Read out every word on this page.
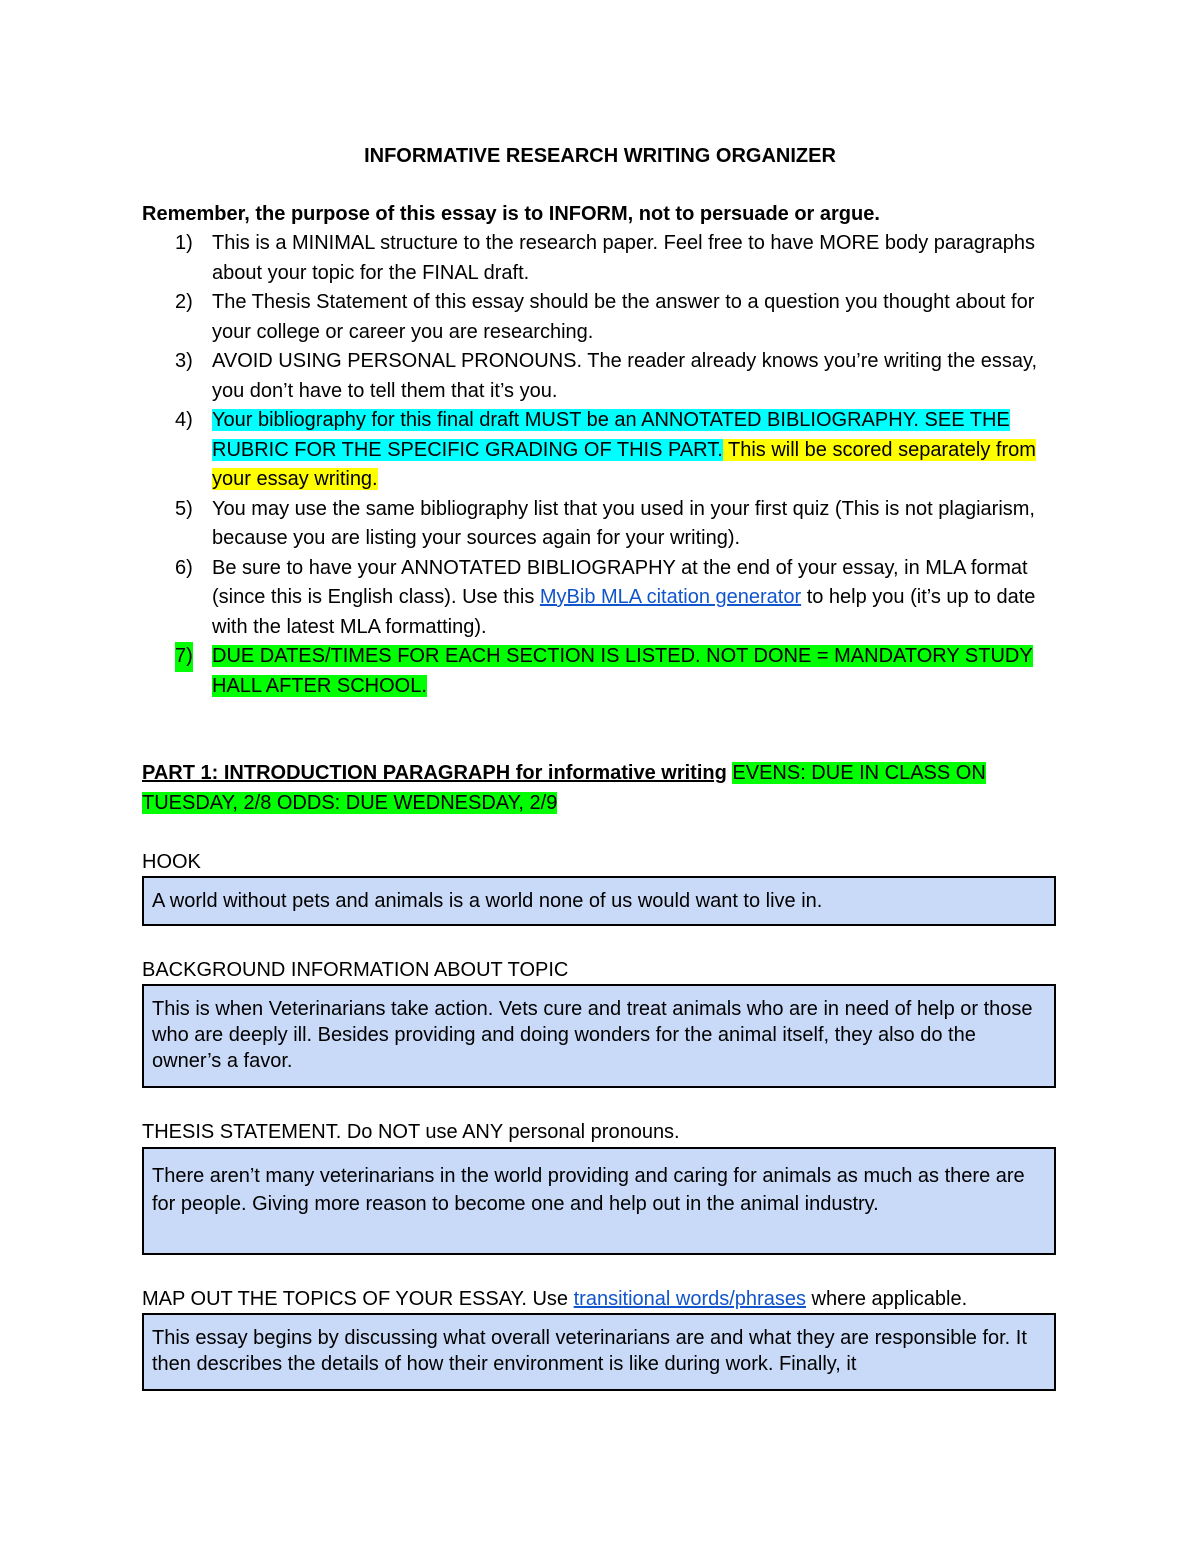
INFORMATIVE RESEARCH WRITING ORGANIZER
Remember, the purpose of this essay is to INFORM, not to persuade or argue.
1) This is a MINIMAL structure to the research paper. Feel free to have MORE body paragraphs about your topic for the FINAL draft.
2) The Thesis Statement of this essay should be the answer to a question you thought about for your college or career you are researching.
3) AVOID USING PERSONAL PRONOUNS. The reader already knows you’re writing the essay, you don’t have to tell them that it’s you.
4) Your bibliography for this final draft MUST be an ANNOTATED BIBLIOGRAPHY. SEE THE RUBRIC FOR THE SPECIFIC GRADING OF THIS PART. This will be scored separately from your essay writing.
5) You may use the same bibliography list that you used in your first quiz (This is not plagiarism, because you are listing your sources again for your writing).
6) Be sure to have your ANNOTATED BIBLIOGRAPHY at the end of your essay, in MLA format (since this is English class). Use this MyBib MLA citation generator to help you (it’s up to date with the latest MLA formatting).
7) DUE DATES/TIMES FOR EACH SECTION IS LISTED. NOT DONE = MANDATORY STUDY HALL AFTER SCHOOL.
PART 1: INTRODUCTION PARAGRAPH for informative writing EVENS: DUE IN CLASS ON TUESDAY, 2/8 ODDS: DUE WEDNESDAY, 2/9
HOOK
A world without pets and animals is a world none of us would want to live in.
BACKGROUND INFORMATION ABOUT TOPIC
This is when Veterinarians take action. Vets cure and treat animals who are in need of help or those who are deeply ill. Besides providing and doing wonders for the animal itself, they also do the owner’s a favor.
THESIS STATEMENT. Do NOT use ANY personal pronouns.
There aren’t many veterinarians in the world providing and caring for animals as much as there are for people. Giving more reason to become one and help out in the animal industry.
MAP OUT THE TOPICS OF YOUR ESSAY. Use transitional words/phrases where applicable.
This essay begins by discussing what overall veterinarians are and what they are responsible for. It then describes the details of how their environment is like during work. Finally, it
